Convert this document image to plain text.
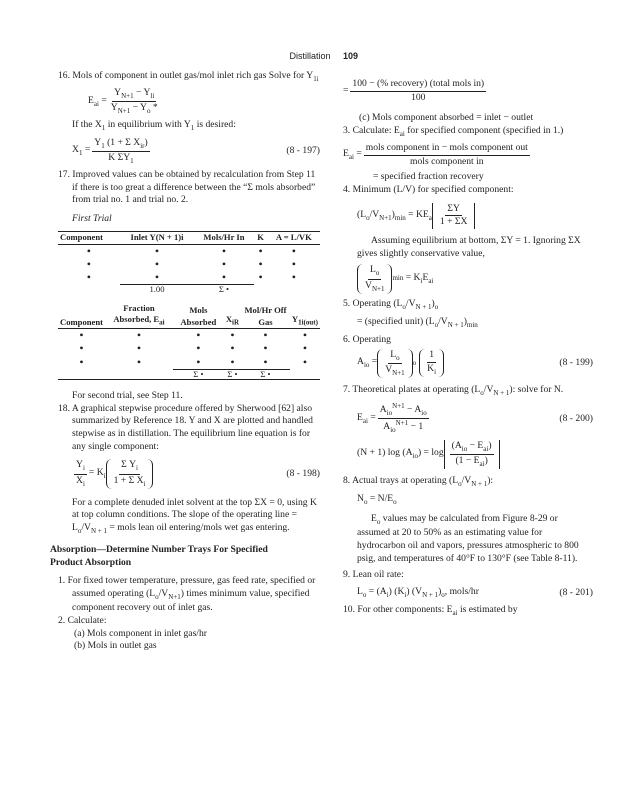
Distillation	109

16. Mols of component in outlet gas/mol inlet rich gas Solve for $Y_{1i}$

$E_{ai} = \frac{Y_{N+1} - Y_{li}}{Y_{N+1} - Y_o *}$

If the $X_1$ in equilibrium with $Y_1$ is desired:

$X_1 = \frac{Y_1 (1 + \Sigma X_{ir})}{K \Sigma Y_1}$	(8 - 197)

17. Improved values can be obtained by recalculation from Step 11 if there is too great a difference between the “Σ mols absorbed” from trial no. 1 and trial no. 2.

First Trial

Component	Inlet Y(N + 1)i	Mols/Hr In	K	A = L/VK
•	•	•	•	•
•	•	•	•	•
•	•	•	•	•
	1.00	Σ •		
Component	Fraction Absorbed, $E_{ai}$	Mols Absorbed	$X_{iR}$	Mol/Hr Off Gas	$Y_{1i(out)}$
•	•	•	•	•	•
•	•	•	•	•	•
•	•	•	•	•	•
		Σ •	Σ •	Σ •	

For second trial, see Step 11.

18. A graphical stepwise procedure offered by Sherwood [62] also summarized by Reference 18. Y and X are plotted and handled stepwise as in distillation. The equilibrium line equation is for any single component:

$\frac{Y_i}{X_i} = K_i \frac{\Sigma Y_i}{1 + \Sigma X_i}$	(8 - 198)

For a complete denuded inlet solvent at the top ΣX = 0, using K at top column conditions. The slope of the operating line = $L_o/V_{N + 1}$ = mols lean oil entering/mols wet gas entering.

Absorption—Determine Number Trays For Specified
Product Absorption

1. For fixed tower temperature, pressure, gas feed rate, specified or assumed operating $(L_o/V_{N+1})$ times minimum value, specified component recovery out of inlet gas.

2. Calculate:

(a) Mols component in inlet gas/hr

(b) Mols in outlet gas

= $\frac{\text{100 − (\% recovery) (total mols in)}}{100}$

(c) Mols component absorbed = inlet − outlet

3. Calculate: $E_{ai}$ for specified component (specified in 1.)

$E_{ai} = \frac{\text{mols component in − mols component out}}{\text{mols component in}}$

= specified fraction recovery

4. Minimum (L/V) for specified component:

$(L_o/V_{N+1})_{min} = KE_a \frac{\Sigma Y}{1 + \Sigma X}$

Assuming equilibrium at bottom, ΣY = 1. Ignoring ΣX gives slightly conservative value,

$\frac{L_o}{V_{N+1}}$ $\min = K_iE_{ai}$

5. Operating $(L_o/V_{N + 1})_o$

= (specified unit) $(L_o/V_{N + 1})_{min}$

6. Operating

$A_{io} = \frac{L_o}{V_{N+1}}$ o $\frac{1}{K_i}$	(8 - 199)

7. Theoretical plates at operating $(L_o/V_{N + 1})$: solve for N.

$E_{ai} = \frac{A_{io}^{N+1} - A_{io}}{A_{io}^{N+1} - 1}$	(8 - 200)
(N + 1) $\log (A_{io}) = \log \frac{(A_{io} - E_{ai})}{(1 - E_{ai})}$

8. Actual trays at operating $(L_o/V_{N + 1})$:

$N_o = N/E_o$

$E_o$ values may be calculated from Figure 8-29 or assumed at 20 to 50% as an estimating value for hydrocarbon oil and vapors, pressures atmospheric to 800 psig, and temperatures of 40°F to 130°F (see Table 8-11).

9. Lean oil rate:

$L_o = (A_i)$ $(K_i)$ $(V_{N + 1})_o$, mols/hr	(8 - 201)

10. For other components: $E_{ai}$ is estimated by
